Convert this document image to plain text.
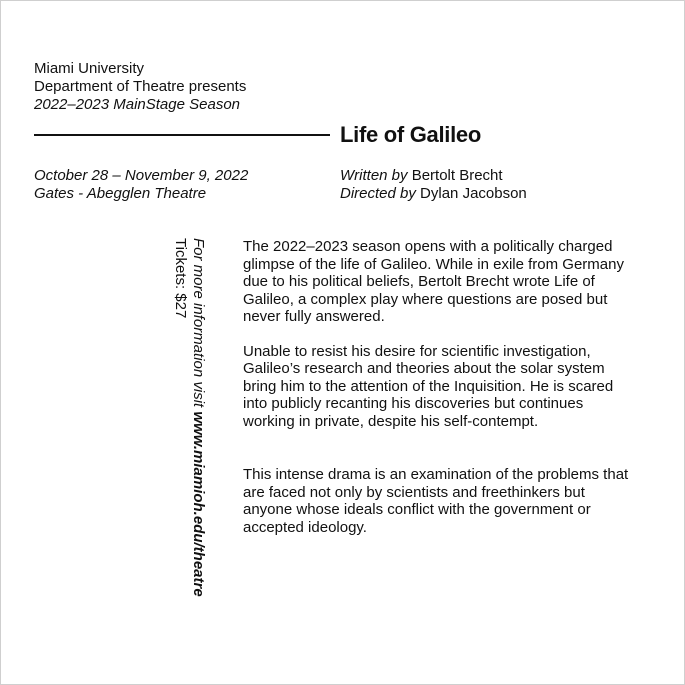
Miami University
Department of Theatre presents
2022–2023 MainStage Season
Life of Galileo
October 28 – November 9, 2022
Gates - Abegglen Theatre
Written by Bertolt Brecht
Directed by Dylan Jacobson
For more information visit www.miamioh.edu/theatre
Tickets: $27	The 2022–2023 season opens with a politically charged glimpse of the life of Galileo. While in exile from Germany due to his political beliefs, Bertolt Brecht wrote Life of Galileo, a complex play where questions are posed but never fully answered.

Unable to resist his desire for scientific investigation, Galileo’s research and theories about the solar system bring him to the attention of the Inquisition. He is scared into publicly recanting his discoveries but continues working in private, despite his self-contempt.

This intense drama is an examination of the problems that are faced not only by scientists and freethinkers but anyone whose ideals conflict with the government or accepted ideology.
